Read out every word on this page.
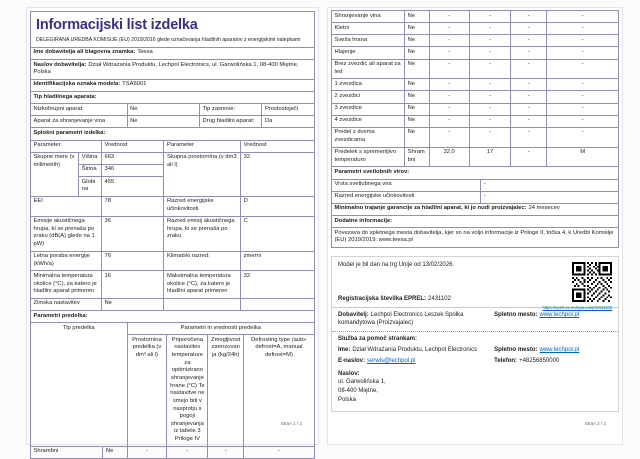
Informacijski list izdelka
DELEGIRANA UREDBA KOMISIJE (EU) 2019/2016 glede označevanja hladilnih aparatov z energijskimi nalepkami
Ime dobavitelja ali blagovna znamka: Teesa
Naslov dobavitelja: Dział Wdrażania Produktu, Lechpol Electronics, ul. Garwolińska 1, 08-400 Miętne, Polska
Identifikacijska oznaka modela: TSA6001
Tip hladilnega aparata:
Nizkohrupni aparat:	Ne	Tip zasnove:	Prostostoječi
Aparat za shranjevanje vina	Ne	Drug hladilni aparat:	Da
Splošni parametri izdelka:
Parameter		Vrednost	Parameter	Vrednost
Skupne mere (v milimetrih)	Višina	663	Skupna prostornina (v dm3 ali l)	32
	Širina	346		
	Globina	455		
EEI		78	Razred energijske učinkovitosti	D
Emisije akustičnega hrupa, ki se prenaša po zraku (dB(A) glede na 1 pW)		36	Razred emisij akustičnega hrupa, ki se prenaša po zraku	C
Letna poraba energije (kWh/a)		76	Klimatski razred:	zmerni
Minimalna temperatura okolice (°C), za katero je hladilni aparat primeren		16	Maksimalna temperatura okolice (°C), za katero je hladilni aparat primeren	32
Zimska nastavitev		Ne		
Parametri predelka:
Tip predelka		Parametri in vrednosti predelka			
		Prostornina predelka (v dm³ ali l)	Priporočena nastavitev temperature za optimizirano shranjevanje hrane (°C) Te nastavitve ne smejo biti v nasprotju s pogoji shranjevanja iz tabele 3 Priloge IV	Zmogljivost zamrzovanja (kg/24h)	Defrosting type (auto-defrost=A, manual defrost=M)
Shrambni	Ne	-	-	-	-
Stran 1 / 2
Shranjevanje vina	Ne	-	-	-	-
Kletni	Ne	-	-	-	-
Sveža hrana	Ne	-	-	-	-
Hlajenje	Ne	-	-	-	-
Brez zvezdic ali aparat za led	Ne	-	-	-	-
1 zvezdica	Ne	-	-	-	-
2 zvezdici	Ne	-	-	-	-
3 zvezdice	Ne	-	-	-	-
4 zvezdice	Ne	-	-	-	-
Predel z dvema zvezdicama	Ne	-	-	-	-
Predelek s spremenljivo temperaturo	Shrambni	32,0	17	-	M
Parametri svetlobnih virov:
Vrsta svetlobnega vira	-
Razred energijske učinkovitosti	-
Minimalno trajanje garancije za hladilni aparat, ki jo nudi proizvajalec: 24 mesecev
Dodatne informacije:
Povezava do spletnega mesta dobavitelja, kjer so na voljo informacije iz Priloge II, točka 4, k Uredbi Komisije (EU) 2019/2019: www.teesa.pl
https://eprel.ec.europa.eu/qr/2431102
Model je bil dan na trg Unije od 13/02/2026.
Registracijska številka EPREL: 2431102
Dobavitelj: Lechpol Electronics Leszek Spółka komandytowa (Proizvajalec)
Spletno mesto: www.lechpol.pl
Služba za pomoč strankam:
Ime: Dział Wdrażania Produktu, Lechpol Electronics	Spletno mesto: www.lechpol.pl
E-naslov: serwis@lechpol.pl	Telefon: +48256850000
Naslov:
ul. Garwolińska 1,
08-400 Miętne,
Polska
Stran 2 / 2
